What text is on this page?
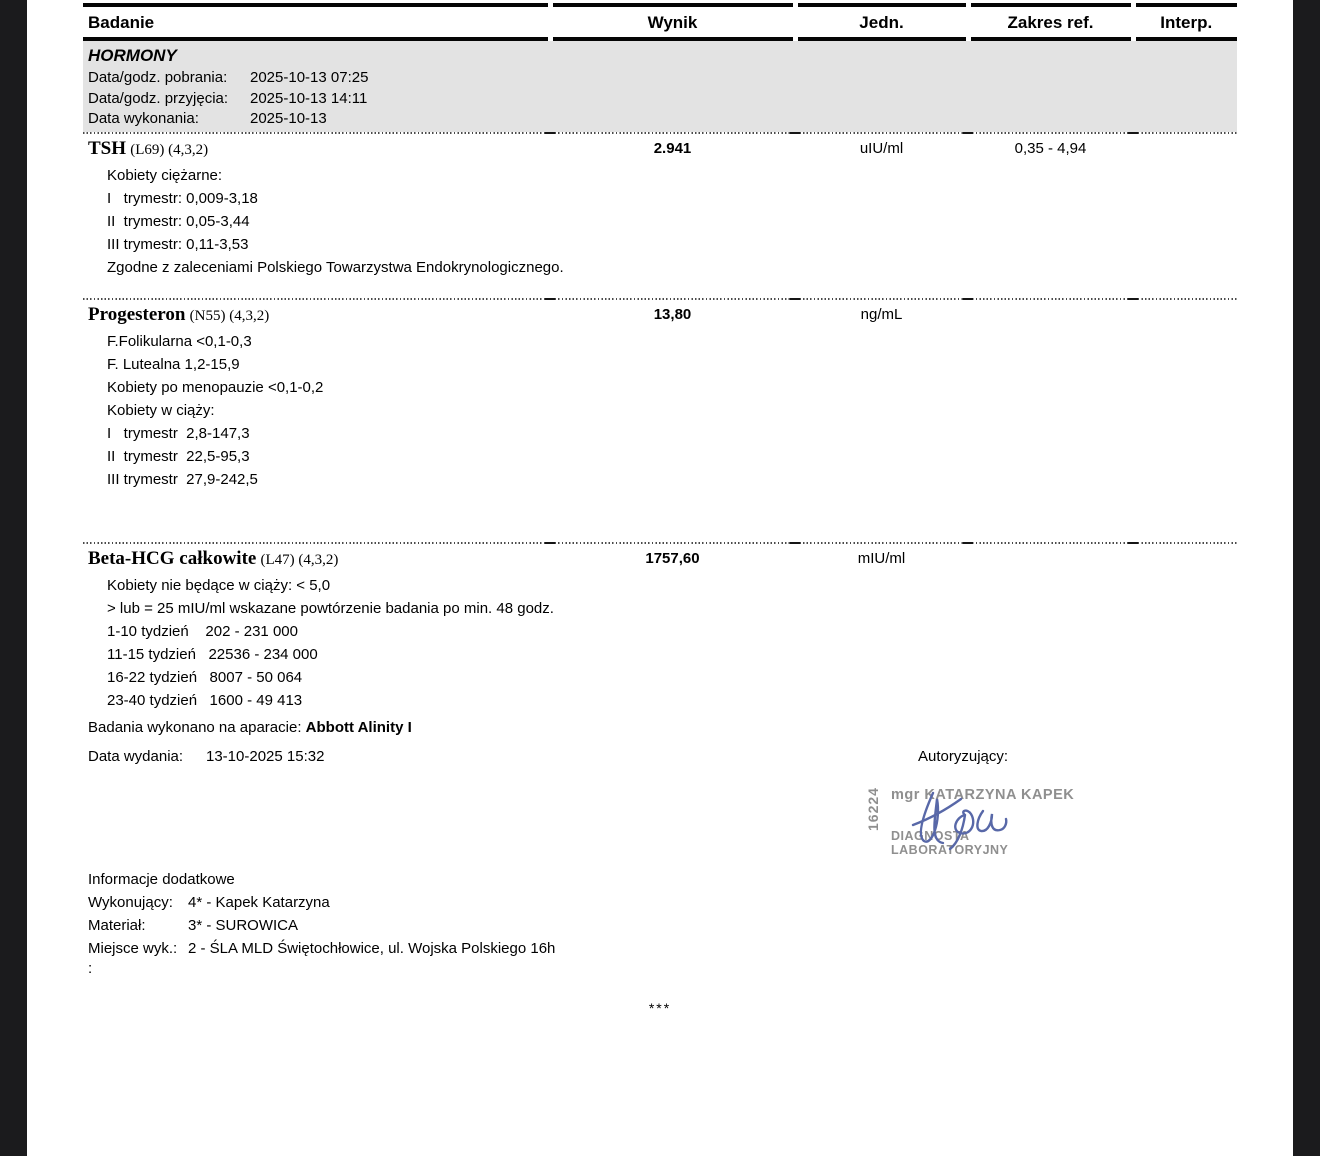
Badanie	Wynik	Jedn.	Zakres ref.	Interp.
HORMONY
Data/godz. pobrania:	2025-10-13 07:25
Data/godz. przyjęcia:	2025-10-13 14:11
Data wykonania:	2025-10-13
TSH (L69) (4,3,2)	2.941	uIU/ml	0,35 - 4,94
Kobiety ciężarne:
I   trymestr: 0,009-3,18
II  trymestr: 0,05-3,44
III trymestr: 0,11-3,53
Zgodne z zaleceniami Polskiego Towarzystwa Endokrynologicznego.
Progesteron (N55) (4,3,2)	13,80	ng/mL
F.Folikularna <0,1-0,3
F. Lutealna 1,2-15,9
Kobiety po menopauzie <0,1-0,2
Kobiety w ciąży:
I   trymestr  2,8-147,3
II  trymestr  22,5-95,3
III trymestr  27,9-242,5
Beta-HCG całkowite (L47) (4,3,2)	1757,60	mIU/ml
Kobiety nie będące w ciąży: < 5,0
> lub = 25 mIU/ml wskazane powtórzenie badania po min. 48 godz.
1-10 tydzień    202 - 231 000
11-15 tydzień   22536 - 234 000
16-22 tydzień   8007 - 50 064
23-40 tydzień   1600 - 49 413
Badania wykonano na aparacie: Abbott Alinity I
Data wydania:	13-10-2025 15:32	Autoryzujący:
16224 mgr KATARZYNA KAPEK
DIAGNOSTA LABORATORYJNY
Informacje dodatkowe
Wykonujący:	4* - Kapek Katarzyna
Materiał:	3* - SUROWICA
Miejsce wyk.: 2 - ŚLA MLD Świętochłowice, ul. Wojska Polskiego 16h
:
***
